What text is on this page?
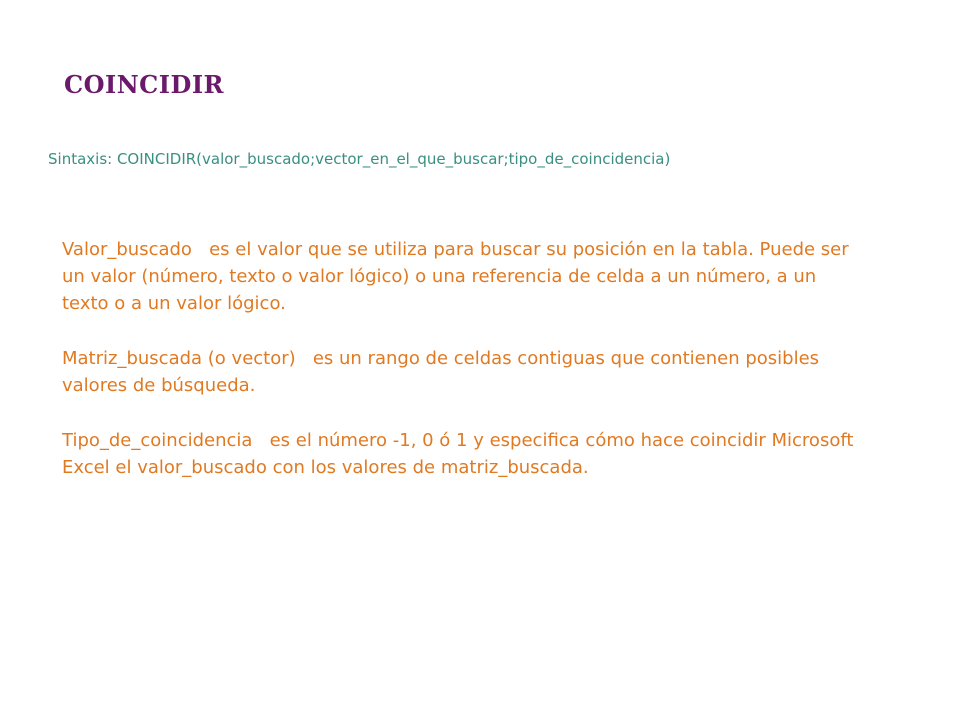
COINCIDIR
Sintaxis: COINCIDIR(valor_buscado;vector_en_el_que_buscar;tipo_de_coincidencia)

Valor_buscado es el valor que se utiliza para buscar su posición en la tabla. Puede ser un valor (número, texto o valor lógico) o una referencia de celda a un número, a un texto o a un valor lógico.

Matriz_buscada (o vector) es un rango de celdas contiguas que contienen posibles valores de búsqueda.

Tipo_de_coincidencia es el número -1, 0 ó 1 y especifica cómo hace coincidir Microsoft Excel el valor_buscado con los valores de matriz_buscada.
